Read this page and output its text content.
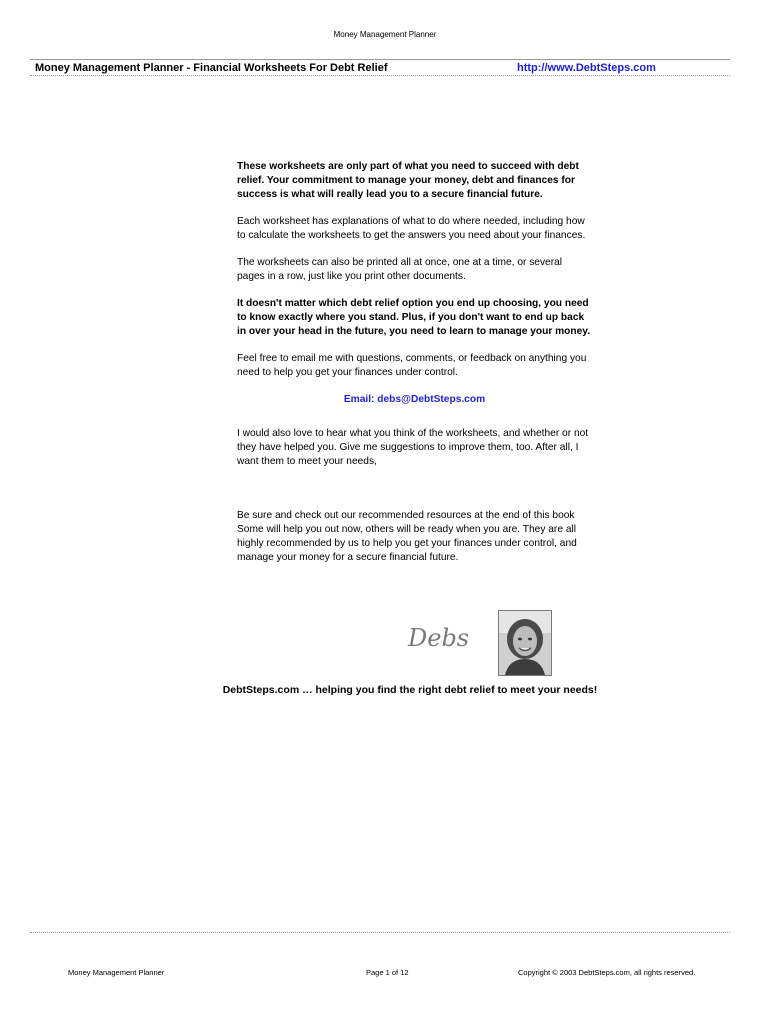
Money Management Planner
Money Management Planner - Financial Worksheets For Debt Relief	http://www.DebtSteps.com

These worksheets are only part of what you need to succeed with debt relief. Your commitment to manage your money, debt and finances for success is what will really lead you to a secure financial future.

Each worksheet has explanations of what to do where needed, including how to calculate the worksheets to get the answers you need about your finances.

The worksheets can also be printed all at once, one at a time, or several pages in a row, just like you print other documents.

It doesn't matter which debt relief option you end up choosing, you need to know exactly where you stand. Plus, if you don't want to end up back in over your head in the future, you need to learn to manage your money.

Feel free to email me with questions, comments, or feedback on anything you need to help you get your finances under control.

Email: debs@DebtSteps.com

I would also love to hear what you think of the worksheets, and whether or not they have helped you. Give me suggestions to improve them, too. After all, I want them to meet your needs,

Be sure and check out our recommended resources at the end of this book Some will help you out now, others will be ready when you are. They are all highly recommended by us to help you get your finances under control, and manage your money for a secure financial future.

Debs
DebtSteps.com … helping you find the right debt relief to meet your needs!
Money Management Planner	Page 1 of 12	Copyright © 2003 DebtSteps.com, all rights reserved.
